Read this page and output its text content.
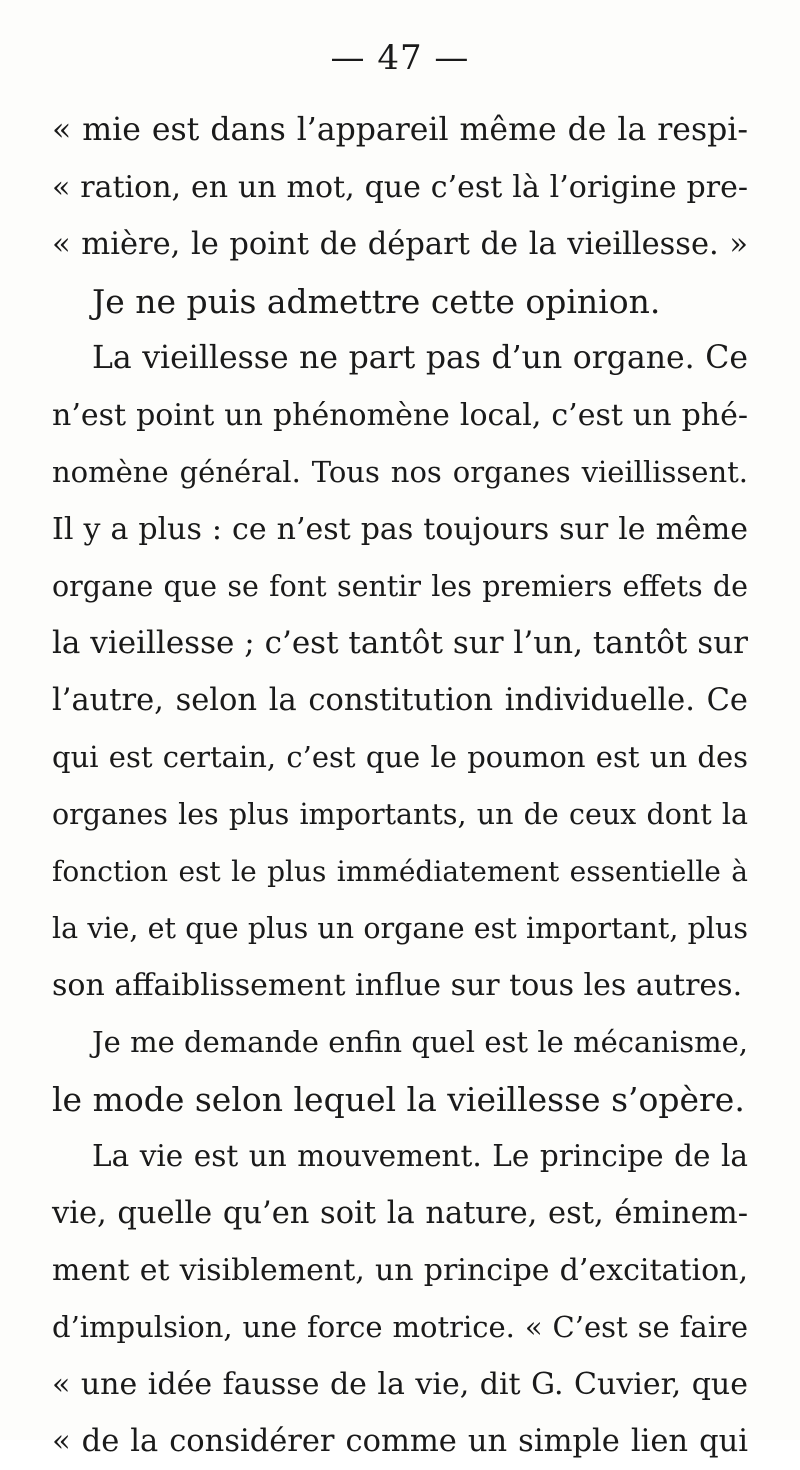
— 47 —
« mie est dans l’appareil même de la respi-
« ration, en un mot, que c’est là l’origine pre-
« mière, le point de départ de la vieillesse. »
Je ne puis admettre cette opinion.
La vieillesse ne part pas d’un organe. Ce
n’est point un phénomène local, c’est un phé-
nomène général. Tous nos organes vieillissent.
Il y a plus : ce n’est pas toujours sur le même
organe que se font sentir les premiers effets de
la vieillesse ; c’est tantôt sur l’un, tantôt sur
l’autre, selon la constitution individuelle. Ce
qui est certain, c’est que le poumon est un des
organes les plus importants, un de ceux dont la
fonction est le plus immédiatement essentielle à
la vie, et que plus un organe est important, plus
son affaiblissement influe sur tous les autres.
Je me demande enfin quel est le mécanisme,
le mode selon lequel la vieillesse s’opère.
La vie est un mouvement. Le principe de la
vie, quelle qu’en soit la nature, est, éminem-
ment et visiblement, un principe d’excitation,
d’impulsion, une force motrice. « C’est se faire
« une idée fausse de la vie, dit G. Cuvier, que
« de la considérer comme un simple lien qui
